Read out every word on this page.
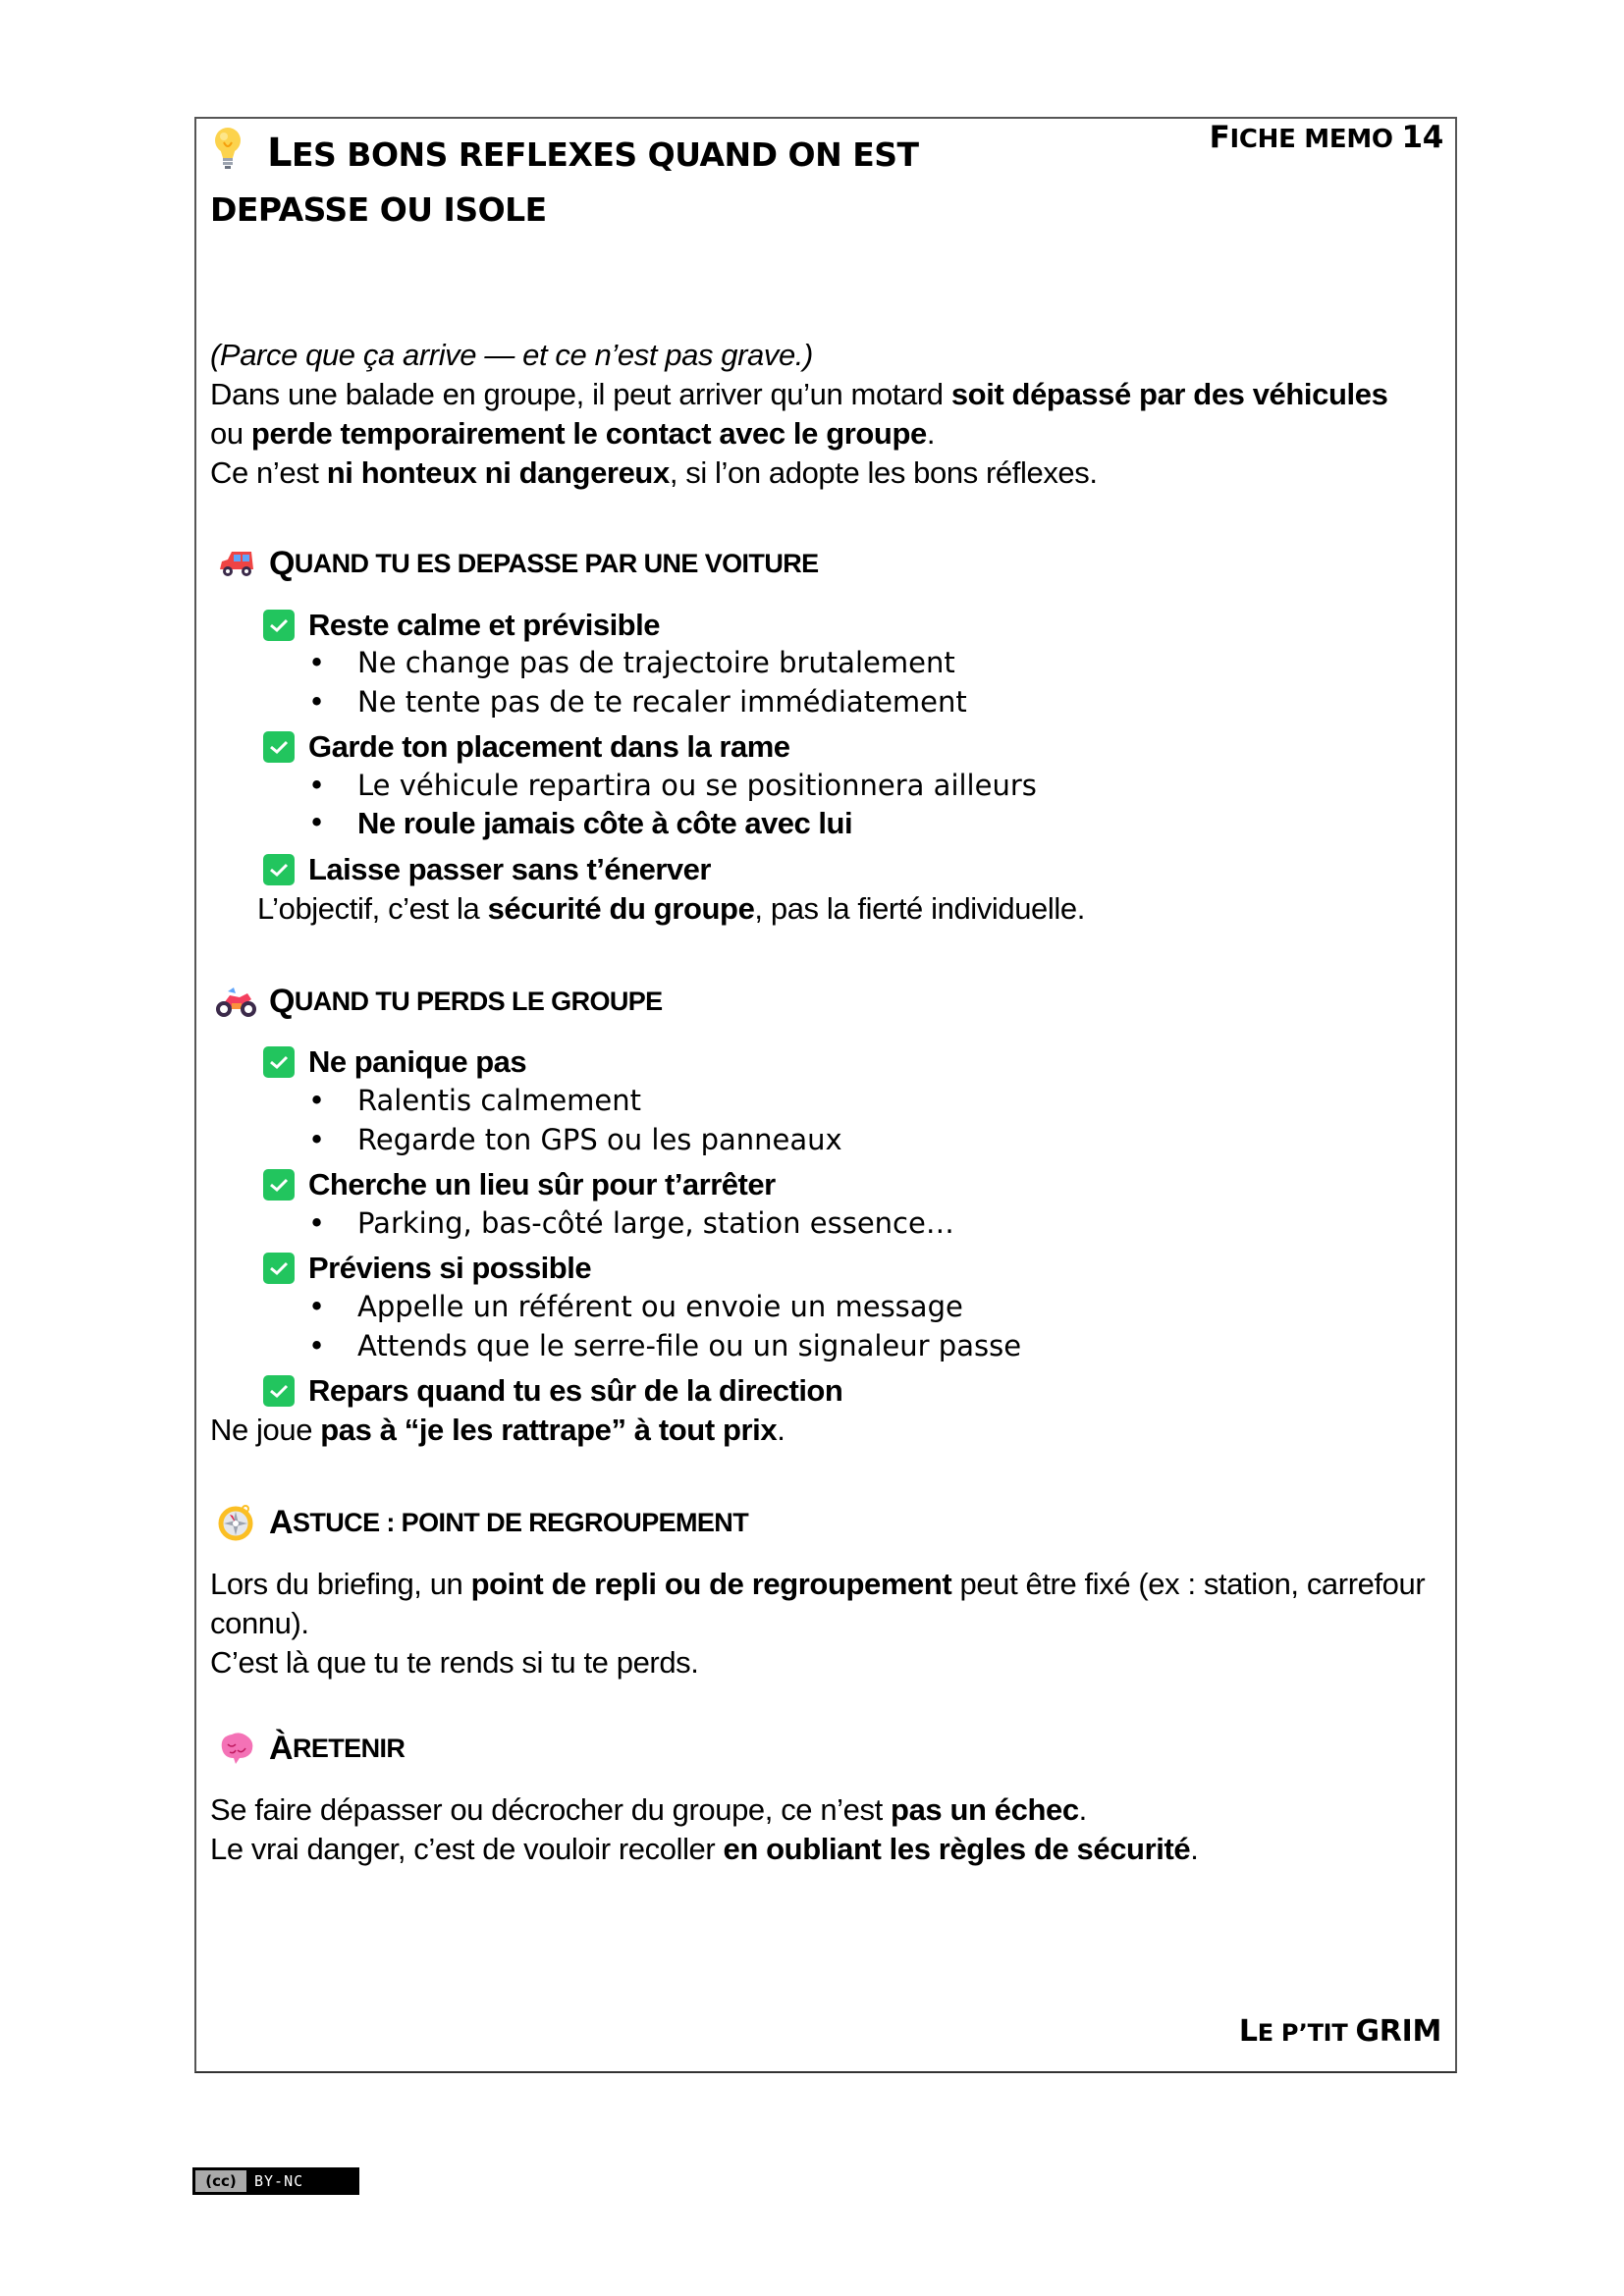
LES BONS REFLEXES QUAND ON EST
DEPASSE OU ISOLE
FICHE MEMO 14
(Parce que ça arrive — et ce n’est pas grave.)
Dans une balade en groupe, il peut arriver qu’un motard soit dépassé par des véhicules ou perde temporairement le contact avec le groupe.
Ce n’est ni honteux ni dangereux, si l’on adopte les bons réflexes.
Q UAND TU ES DEPASSE PAR UNE VOITURE
Reste calme et prévisible
• Ne change pas de trajectoire brutalement
• Ne tente pas de te recaler immédiatement
Garde ton placement dans la rame
• Le véhicule repartira ou se positionnera ailleurs
• Ne roule jamais côte à côte avec lui
Laisse passer sans t’énerver
L’objectif, c’est la sécurité du groupe, pas la fierté individuelle.
Q UAND TU PERDS LE GROUPE
Ne panique pas
• Ralentis calmement
• Regarde ton GPS ou les panneaux
Cherche un lieu sûr pour t’arrêter
• Parking, bas-côté large, station essence…
Préviens si possible
• Appelle un référent ou envoie un message
• Attends que le serre-file ou un signaleur passe
Repars quand tu es sûr de la direction
Ne joue pas à “je les rattrape” à tout prix.
A STUCE : POINT DE REGROUPEMENT
Lors du briefing, un point de repli ou de regroupement peut être fixé (ex : station, carrefour connu).
C’est là que tu te rends si tu te perds.
À RETENIR
Se faire dépasser ou décrocher du groupe, ce n’est pas un échec.
Le vrai danger, c’est de vouloir recoller en oubliant les règles de sécurité.
LE P’TIT GRIM
(cc)	BY-NC
